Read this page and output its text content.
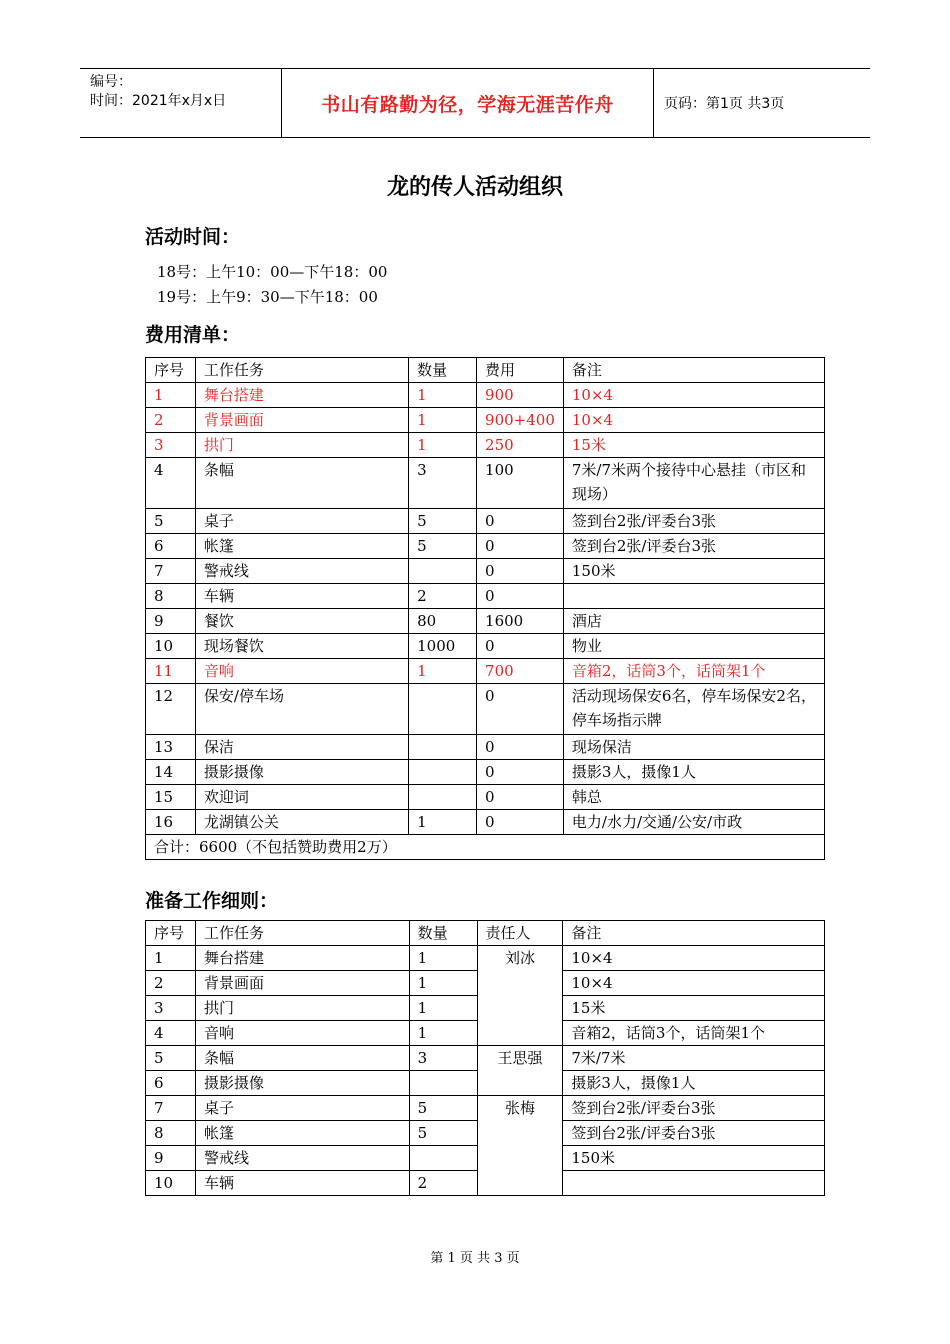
编号：
时间：2021年x月x日	书山有路勤为径，学海无涯苦作舟	页码：第1页 共3页
龙的传人活动组织
活动时间：
18号：上午10：00—下午18：00
19号：上午9：30—下午18：00
费用清单：
序号	工作任务	数量	费用	备注
1	舞台搭建	1	900	10×4
2	背景画面	1	900+400	10×4
3	拱门	1	250	15米
4	条幅	3	100	7米/7米两个接待中心悬挂（市区和现场）
5	桌子	5	0	签到台2张/评委台3张
6	帐篷	5	0	签到台2张/评委台3张
7	警戒线		0	150米
8	车辆	2	0	
9	餐饮	80	1600	酒店
10	现场餐饮	1000	0	物业
11	音响	1	700	音箱2，话筒3个，话筒架1个
12	保安/停车场		0	活动现场保安6名，停车场保安2名，停车场指示牌
13	保洁		0	现场保洁
14	摄影摄像		0	摄影3人，摄像1人
15	欢迎词		0	韩总
16	龙湖镇公关	1	0	电力/水力/交通/公安/市政
合计：6600（不包括赞助费用2万）				
准备工作细则：
序号	工作任务	数量	责任人	备注
1	舞台搭建	1	刘冰	10×4
2	背景画面	1		10×4
3	拱门	1		15米
4	音响	1		音箱2，话筒3个，话筒架1个
5	条幅	3	王思强	7米/7米
6	摄影摄像			摄影3人，摄像1人
7	桌子	5	张梅	签到台2张/评委台3张
8	帐篷	5		签到台2张/评委台3张
9	警戒线			150米
10	车辆	2		
第 1 页 共 3 页
